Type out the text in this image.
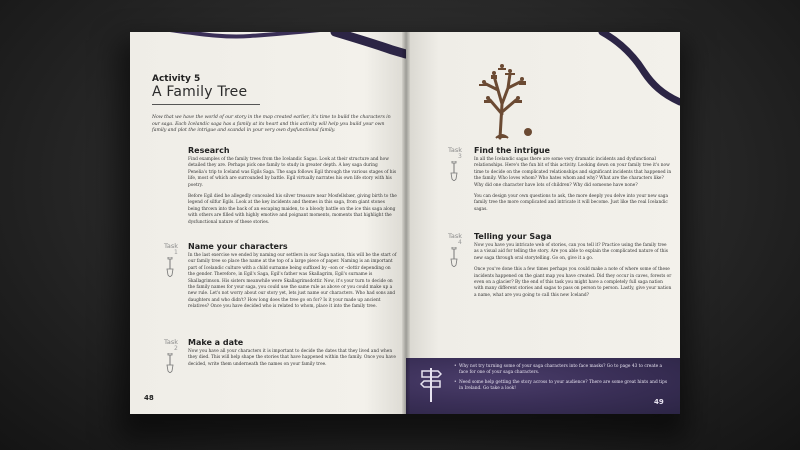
Activity 5
A Family Tree
Now that we have the world of our story in the map created earlier, it's time to build the characters in our saga. Each Icelandic saga has a family at its heart and this activity will help you build your own family and plot the intrigue and scandal in your very own dysfunctional family.
Research

Find examples of the family trees from the Icelandic Sagas. Look at their structure and how detailed they are. Perhaps pick one family to study in greater depth. A key saga during Penelia's trip to Iceland was Egils Saga. The saga follows Egil through the various stages of his life, most of which are surrounded by battle. Egil virtually narrates his own life story with his poetry.

Before Egil died he allegedly concealed his silver treasure near Mosfellsbær, giving birth to the legend of silfur Egils. Look at the key incidents and themes in this saga, from giant stones being thrown into the back of an escaping maiden, to a bloody battle on the ice this saga along with others are filled with highly emotive and poignant moments, moments that highlight the dysfunctional nature of these stories.

Task
1
Name your characters

In the last exercise we ended by naming our settlers in our Saga nation, this will be the start of our family tree so place the name at the top of a large piece of paper. Naming is an important part of Icelandic culture with a child surname being suffixed by –son or –dottir depending on the gender. Therefore, in Egil's Saga, Egil's father was Skallagrim, Egil's surname is Skallagrimson. His sisters meanwhile were Skallagrimsdottir. Now, it's your turn to decide on the family names for your saga, you could use the same rule as above or you could make up a new rule. Let's not worry about our story yet, lets just name our characters. Who had sons and daughters and who didn't? How long does the tree go on for? Is it your made up ancient relatives? Once you have decided who is related to whom, place it into the family tree.

Task
2
Make a date

Now you have all your characters it is important to decide the dates that they lived and when they died. This will help shape the stories that have happened within the family. Once you have decided, write them underneath the names on your family tree.

48
Task
3
Find the intrigue

In all the Icelandic sagas there are some very dramatic incidents and dysfunctional relationships. Here's the fun bit of this activity. Looking down on your family tree it's now time to decide on the complicated relationships and significant incidents that happened in the family. Who loves whom? Who hates whom and why? What are the characters like? Why did one character have lots of children? Why did someone have none?

You can design your own questions to ask, the more deeply you delve into your new saga family tree the more complicated and intricate it will become. Just like the real Icelandic sagas.

Task
4
Telling your Saga

Now you have you intricate web of stories, can you tell it? Practice using the family tree as a visual aid for telling the story. Are you able to explain the complicated nature of this new saga through oral storytelling. Go on, give it a go.

Once you've done this a few times perhaps you could make a note of where some of these incidents happened on the giant map you have created. Did they occur in caves, forests or even on a glacier? By the end of this task you might have a completely full saga nation with many different stories and sagas to pass on person to person. Lastly, give your nation a name, what are you going to call this new Iceland?

• Why not try turning some of your saga characters into face masks? Go to page 43 to create a face for one of your saga characters.
• Need some help getting the story across to your audience? There are some great hints and tips in Ireland. Go take a look!
49
